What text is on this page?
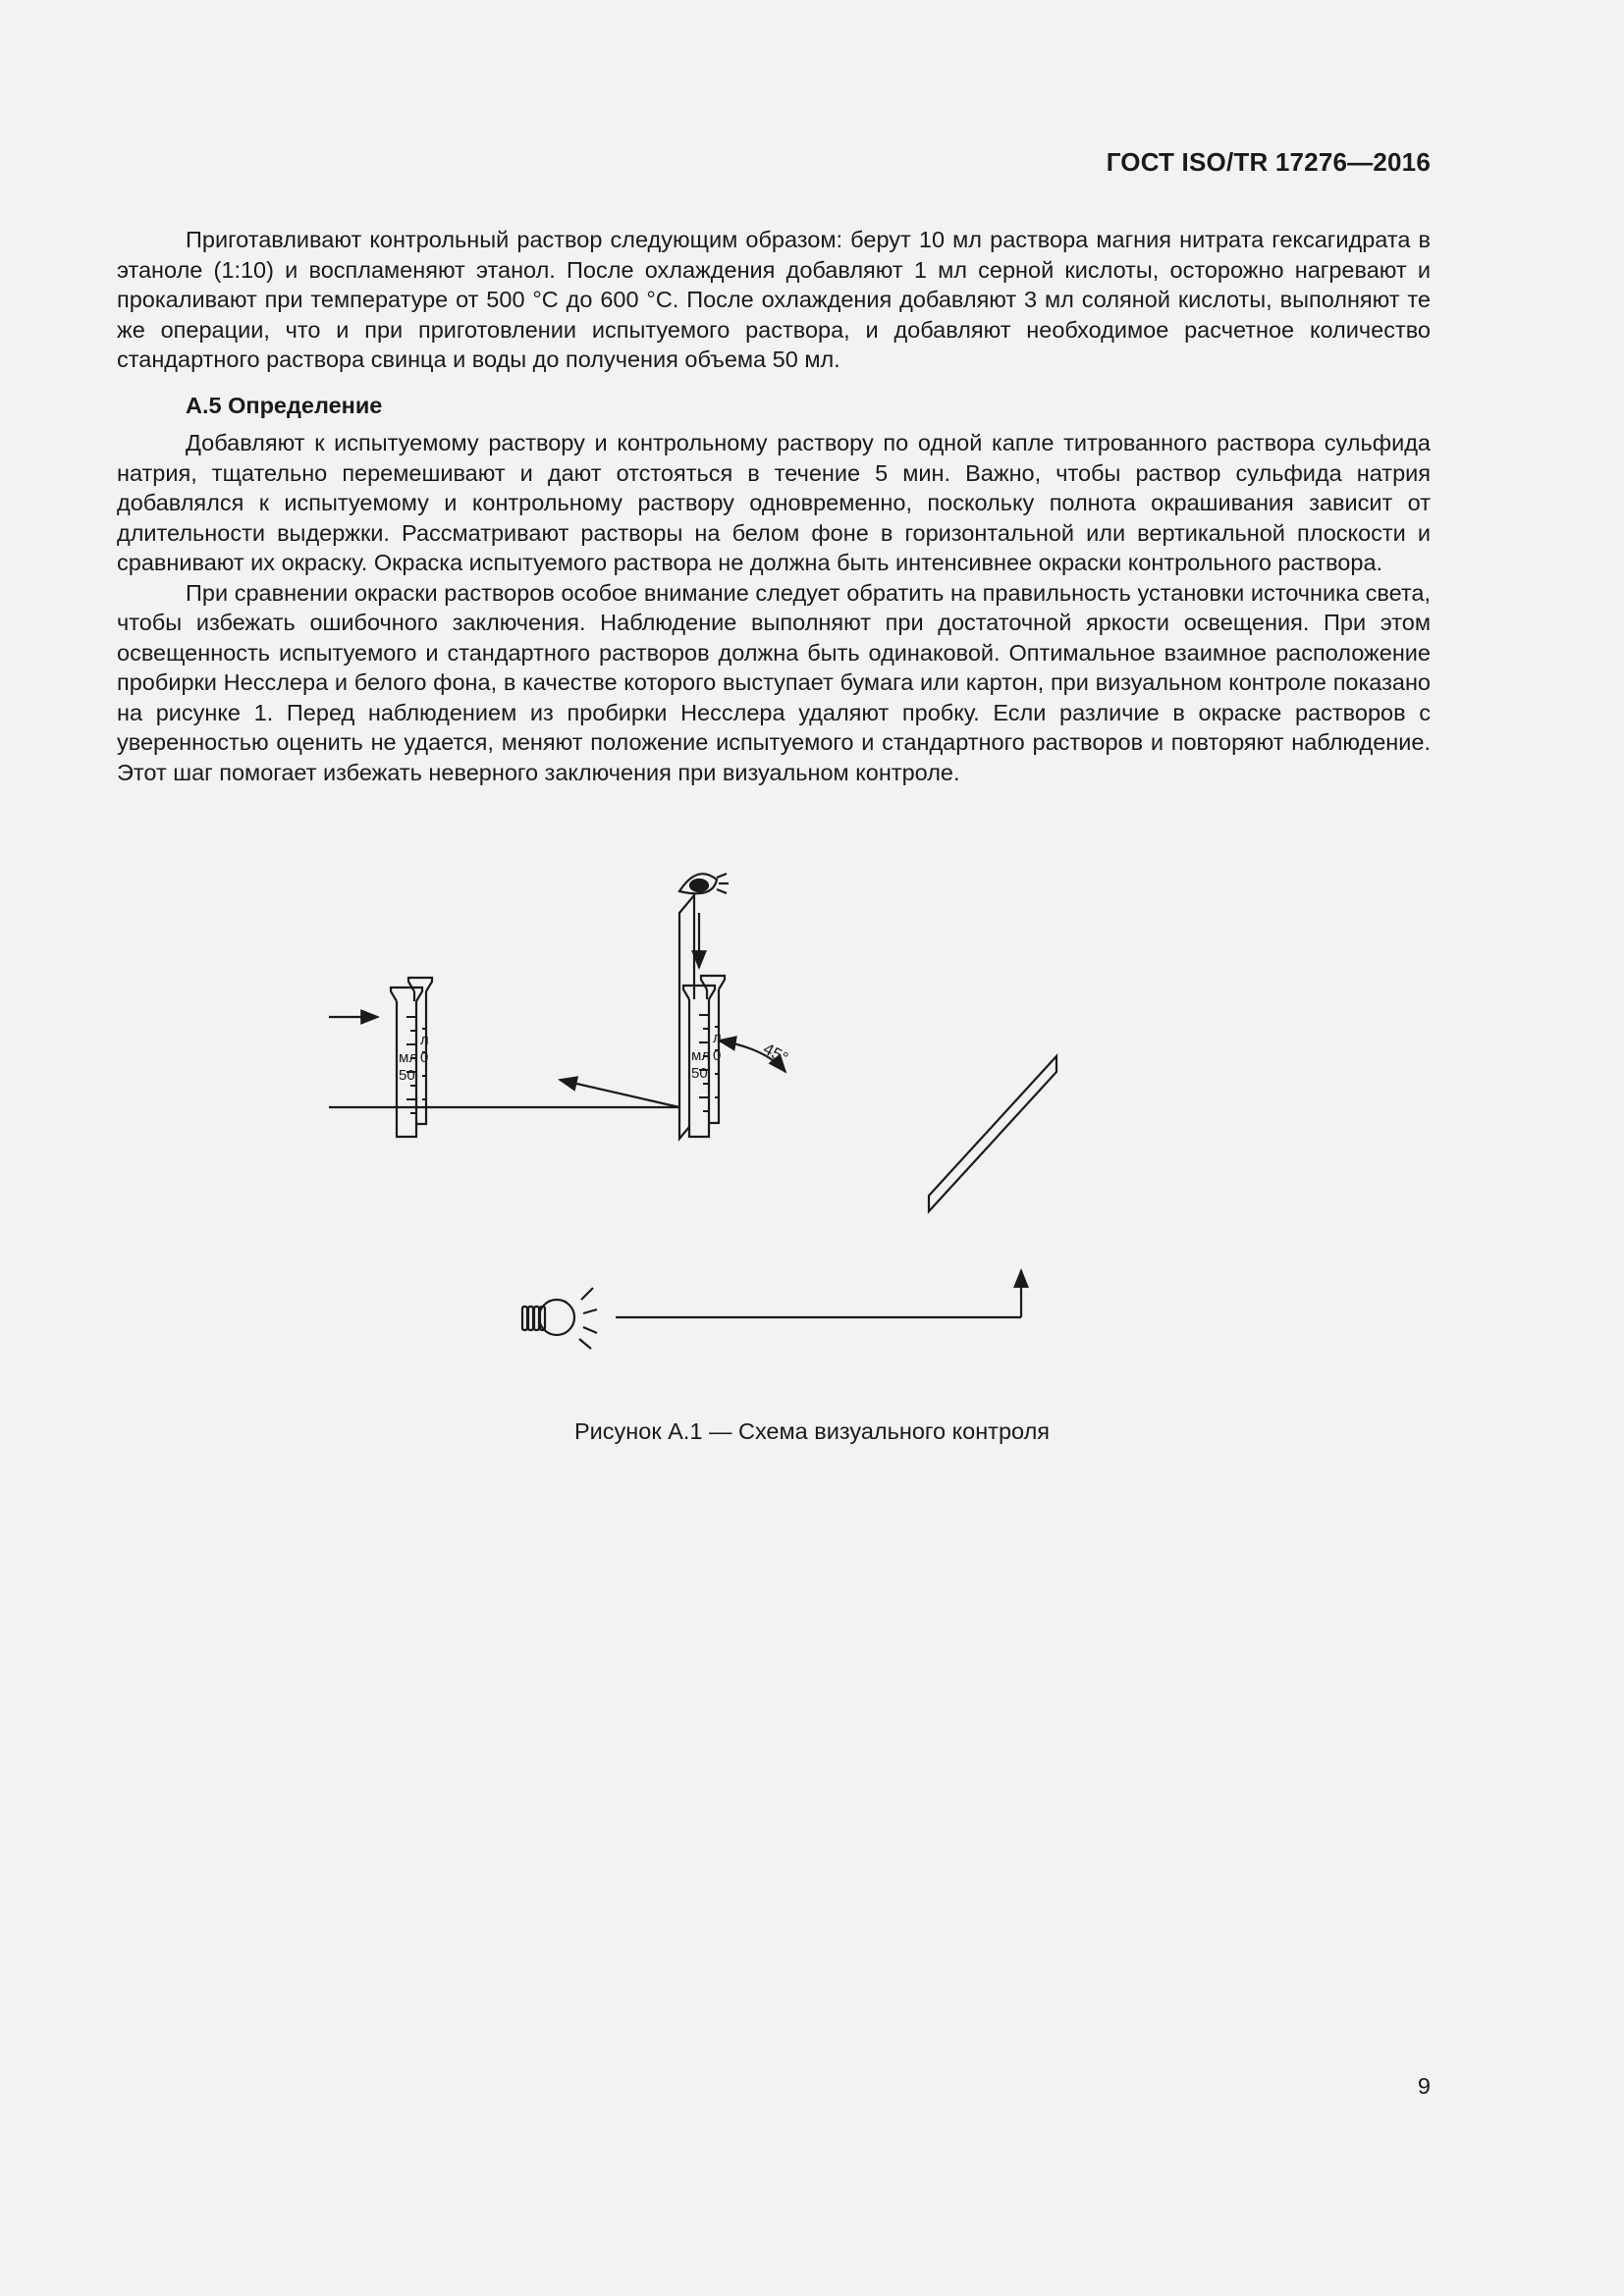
ГОСТ ISO/TR 17276—2016

Приготавливают контрольный раствор следующим образом: берут 10 мл раствора магния нитрата гексагидрата в этаноле (1:10) и воспламеняют этанол. После охлаждения добавляют 1 мл серной кислоты, осторожно нагревают и прокаливают при температуре от 500 °С до 600 °С. После охлаждения добавляют 3 мл соляной кислоты, выполняют те же операции, что и при приготовлении испытуемого раствора, и добавляют необходимое расчетное количество стандартного раствора свинца и воды до получения объема 50 мл.

А.5 Определение

Добавляют к испытуемому раствору и контрольному раствору по одной капле титрованного раствора сульфида натрия, тщательно перемешивают и дают отстояться в течение 5 мин. Важно, чтобы раствор сульфида натрия добавлялся к испытуемому и контрольному раствору одновременно, поскольку полнота окрашивания зависит от длительности выдержки. Рассматривают растворы на белом фоне в горизонтальной или вертикальной плоскости и сравнивают их окраску. Окраска испытуемого раствора не должна быть интенсивнее окраски контрольного раствора.

При сравнении окраски растворов особое внимание следует обратить на правильность установки источника света, чтобы избежать ошибочного заключения. Наблюдение выполняют при достаточной яркости освещения. При этом освещенность испытуемого и стандартного растворов должна быть одинаковой. Оптимальное взаимное расположение пробирки Несслера и белого фона, в качестве которого выступает бумага или картон, при визуальном контроле показано на рисунке 1. Перед наблюдением из пробирки Несслера удаляют пробку. Если различие в окраске растворов с уверенностью оценить не удается, меняют положение испытуемого и стандартного растворов и повторяют наблюдение. Этот шаг помогает избежать неверного заключения при визуальном контроле.

мл
л
50
0	мл
л
50
0 45°
Рисунок А.1 — Схема визуального контроля
9
